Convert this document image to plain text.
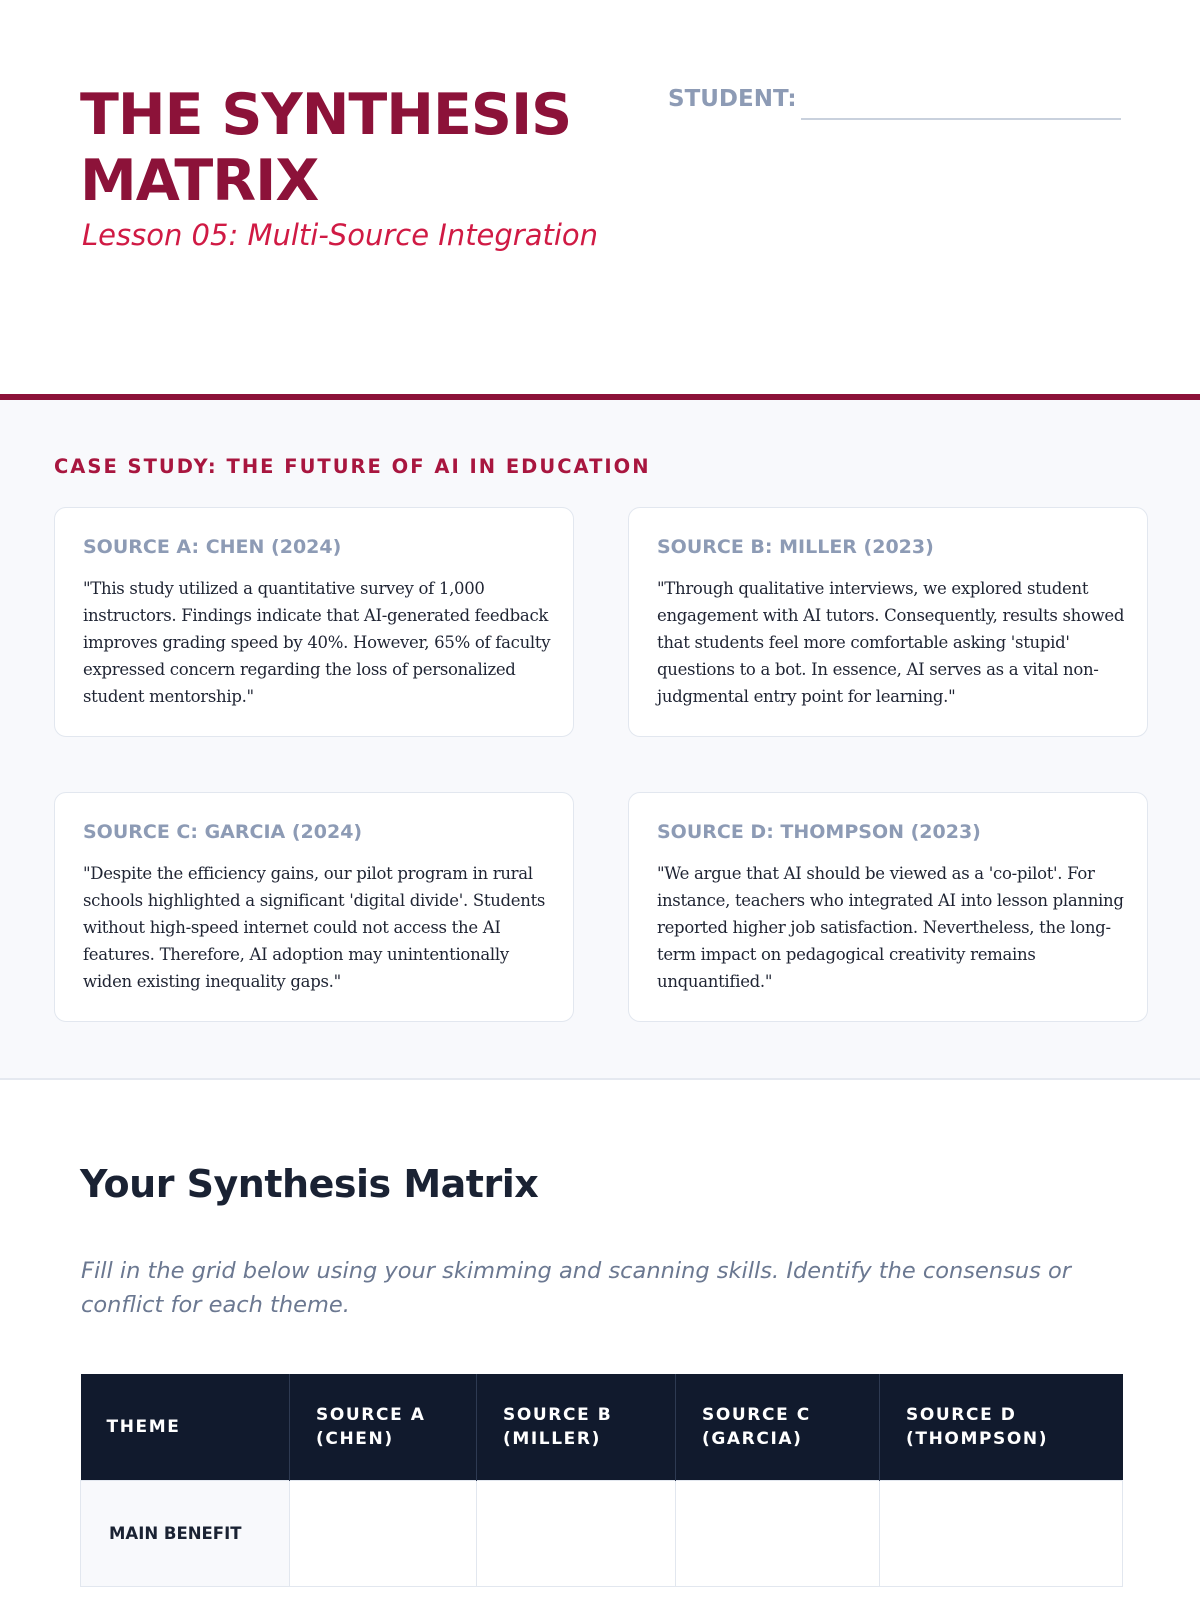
THE SYNTHESIS MATRIX
Lesson 05: Multi-Source Integration
STUDENT:
CASE STUDY: THE FUTURE OF AI IN EDUCATION
SOURCE A: CHEN (2024)
"This study utilized a quantitative survey of 1,000 instructors. Findings indicate that AI-generated feedback improves grading speed by 40%. However, 65% of faculty expressed concern regarding the loss of personalized student mentorship."
SOURCE B: MILLER (2023)
"Through qualitative interviews, we explored student engagement with AI tutors. Consequently, results showed that students feel more comfortable asking 'stupid' questions to a bot. In essence, AI serves as a vital non-judgmental entry point for learning."
SOURCE C: GARCIA (2024)
"Despite the efficiency gains, our pilot program in rural schools highlighted a significant 'digital divide'. Students without high-speed internet could not access the AI features. Therefore, AI adoption may unintentionally widen existing inequality gaps."
SOURCE D: THOMPSON (2023)
"We argue that AI should be viewed as a 'co-pilot'. For instance, teachers who integrated AI into lesson planning reported higher job satisfaction. Nevertheless, the long-term impact on pedagogical creativity remains unquantified."
Your Synthesis Matrix

Fill in the grid below using your skimming and scanning skills. Identify the consensus or conflict for each theme.

THEME	SOURCE A (CHEN)	SOURCE B (MILLER)	SOURCE C (GARCIA)	SOURCE D (THOMPSON)
MAIN BENEFIT				
